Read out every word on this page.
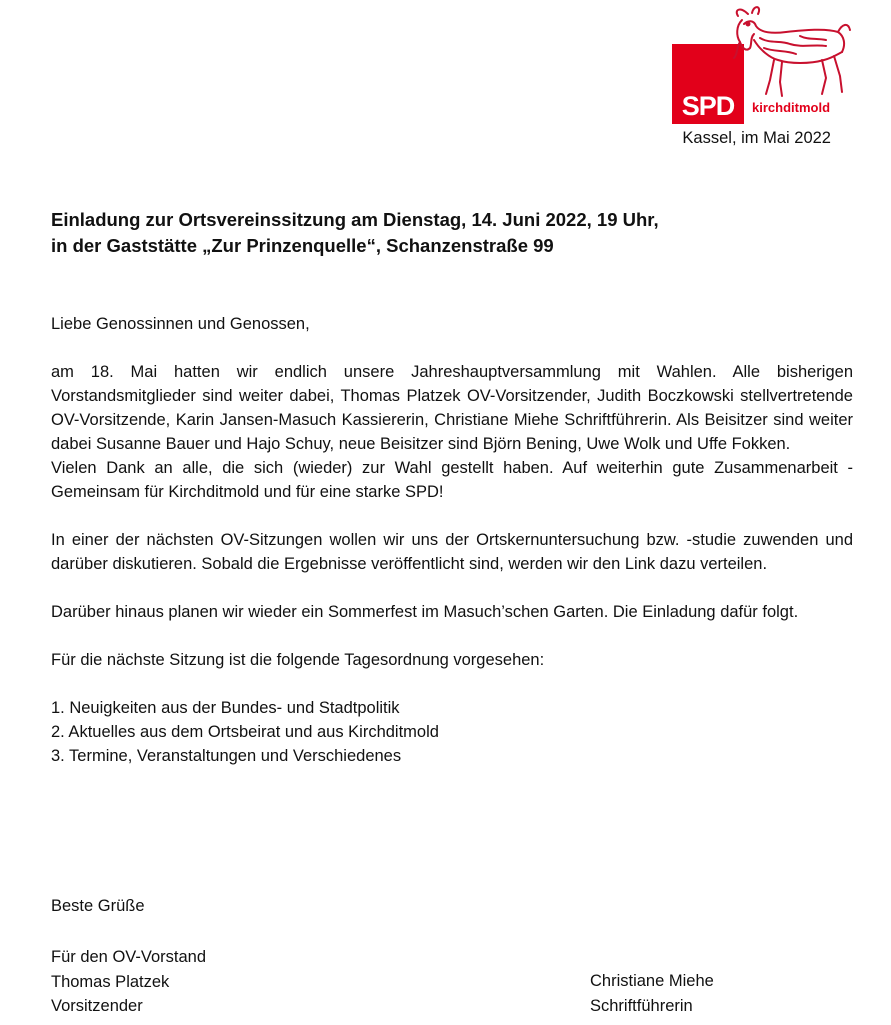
SPD	kirchditmold
Kassel, im Mai 2022
Einladung zur Ortsvereinssitzung am Dienstag, 14. Juni 2022, 19 Uhr,
in der Gaststätte „Zur Prinzenquelle“, Schanzenstraße 99

Liebe Genossinnen und Genossen,

am 18. Mai hatten wir endlich unsere Jahreshauptversammlung mit Wahlen. Alle bisherigen Vorstandsmitglieder sind weiter dabei, Thomas Platzek OV-Vorsitzender, Judith Boczkowski stellvertretende OV-Vorsitzende, Karin Jansen-Masuch Kassiererin, Christiane Miehe Schriftführerin. Als Beisitzer sind weiter dabei Susanne Bauer und Hajo Schuy, neue Beisitzer sind Björn Bening, Uwe Wolk und Uffe Fokken.

Vielen Dank an alle, die sich (wieder) zur Wahl gestellt haben. Auf weiterhin gute Zusammenarbeit - Gemeinsam für Kirchditmold und für eine starke SPD!

In einer der nächsten OV-Sitzungen wollen wir uns der Ortskernuntersuchung bzw. -studie zuwenden und darüber diskutieren. Sobald die Ergebnisse veröffentlicht sind, werden wir den Link dazu verteilen.

Darüber hinaus planen wir wieder ein Sommerfest im Masuch’schen Garten. Die Einladung dafür folgt.

Für die nächste Sitzung ist die folgende Tagesordnung vorgesehen:

1. Neuigkeiten aus der Bundes- und Stadtpolitik
2. Aktuelles aus dem Ortsbeirat und aus Kirchditmold
3. Termine, Veranstaltungen und Verschiedenes
Beste Grüße
Für den OV-Vorstand
Thomas Platzek
Vorsitzender
Christiane Miehe
Schriftführerin
